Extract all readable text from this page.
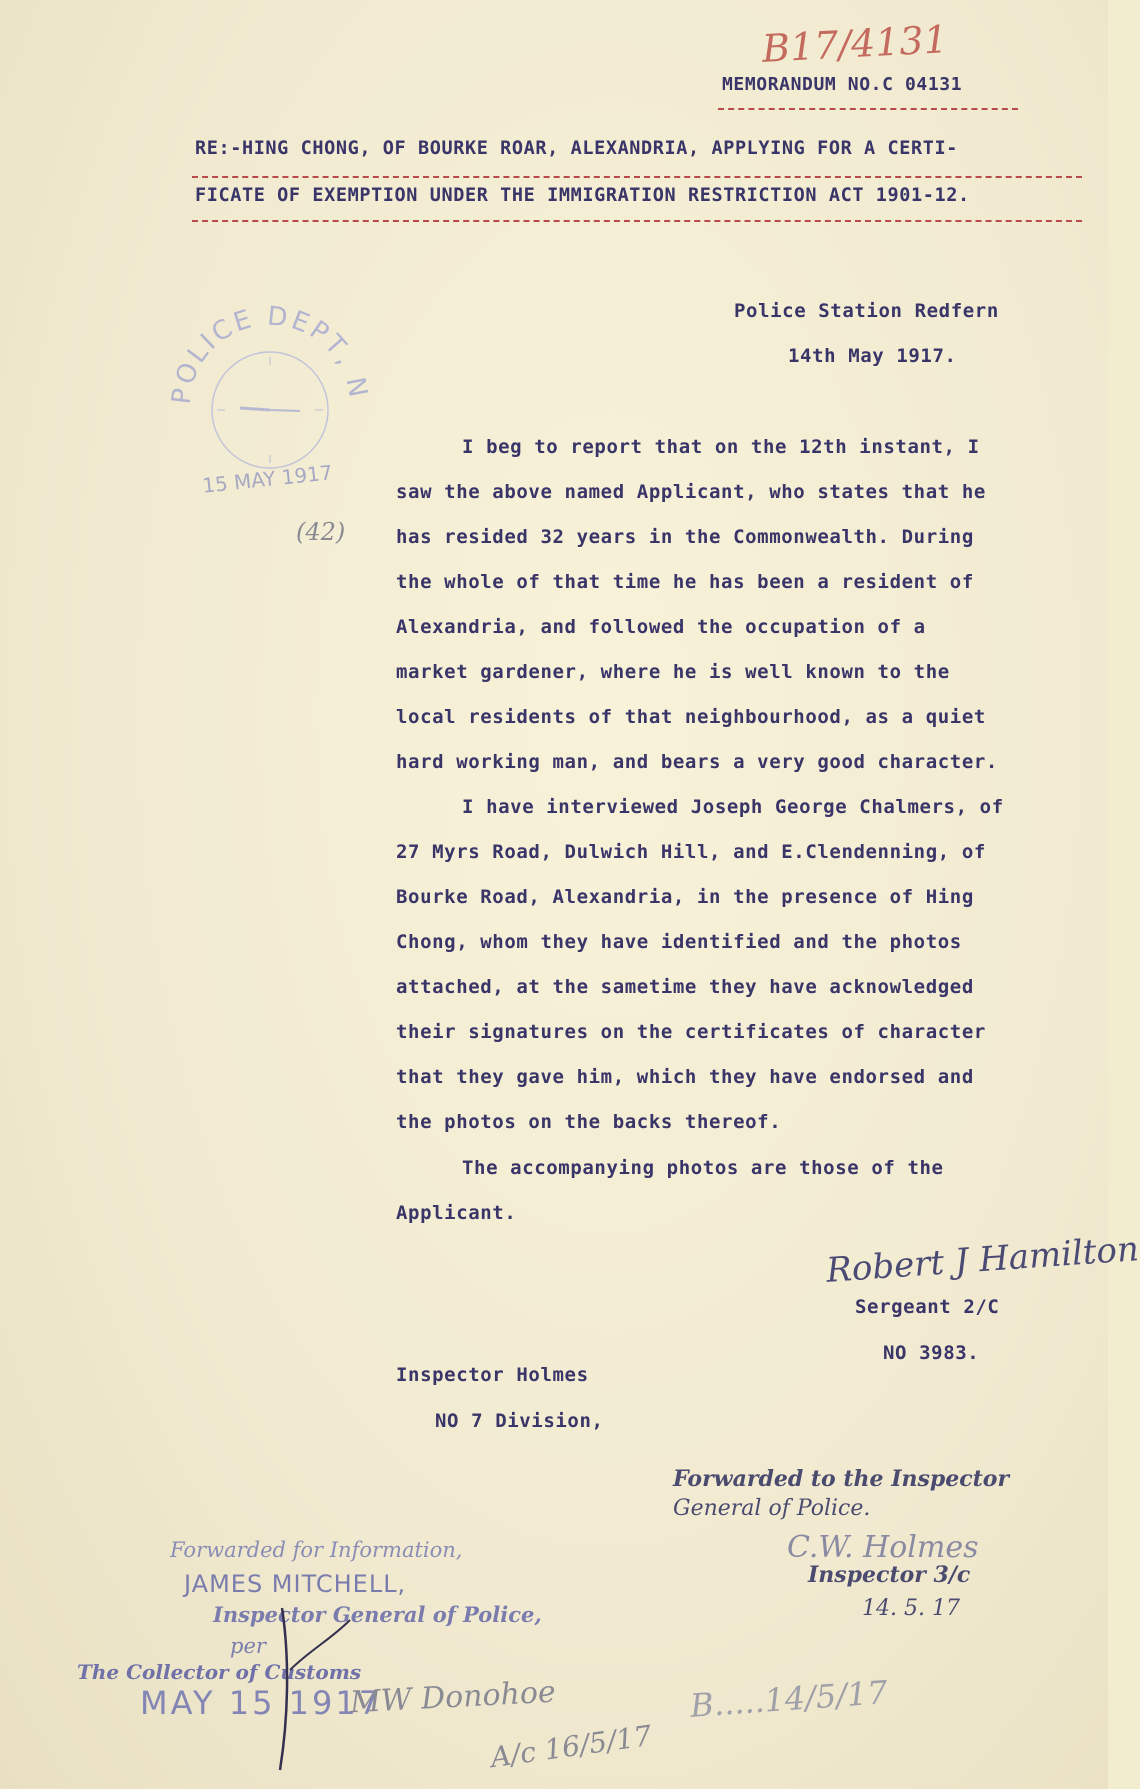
B17/4131
MEMORANDUM NO.C 04131
RE:-HING CHONG, OF BOURKE ROAR, ALEXANDRIA, APPLYING FOR A CERTI-
FICATE OF EXEMPTION UNDER THE IMMIGRATION RESTRICTION ACT 1901-12.
Police Station Redfern
14th May 1917.
POLICE DEPT, N
15 MAY 1917
(42)

I beg to report that on the 12th instant, I

saw the above named Applicant, who states that he

has resided 32 years in the Commonwealth. During

the whole of that time he has been a resident of

Alexandria, and followed the occupation of a

market gardener, where he is well known to the

local residents of that neighbourhood, as a quiet

hard working man, and bears a very good character.

I have interviewed Joseph George Chalmers, of

27 Myrs Road, Dulwich Hill, and E.Clendenning, of

Bourke Road, Alexandria, in the presence of Hing

Chong, whom they have identified and the photos

attached, at the sametime they have acknowledged

their signatures on the certificates of character

that they gave him, which they have endorsed and

the photos on the backs thereof.

The accompanying photos are those of the

Applicant.

Robert J Hamilton
Sergeant 2/C
NO 3983.
Inspector Holmes
NO 7 Division,
Forwarded to the Inspector
General of Police.
C.W. Holmes
Inspector 3/c
14. 5. 17
Forwarded for Information,
JAMES MITCHELL,
Inspector General of Police,
per
The Collector of Customs
MAY 15 1917
MW Donohoe
A/c 16/5/17
B.....14/5/17
